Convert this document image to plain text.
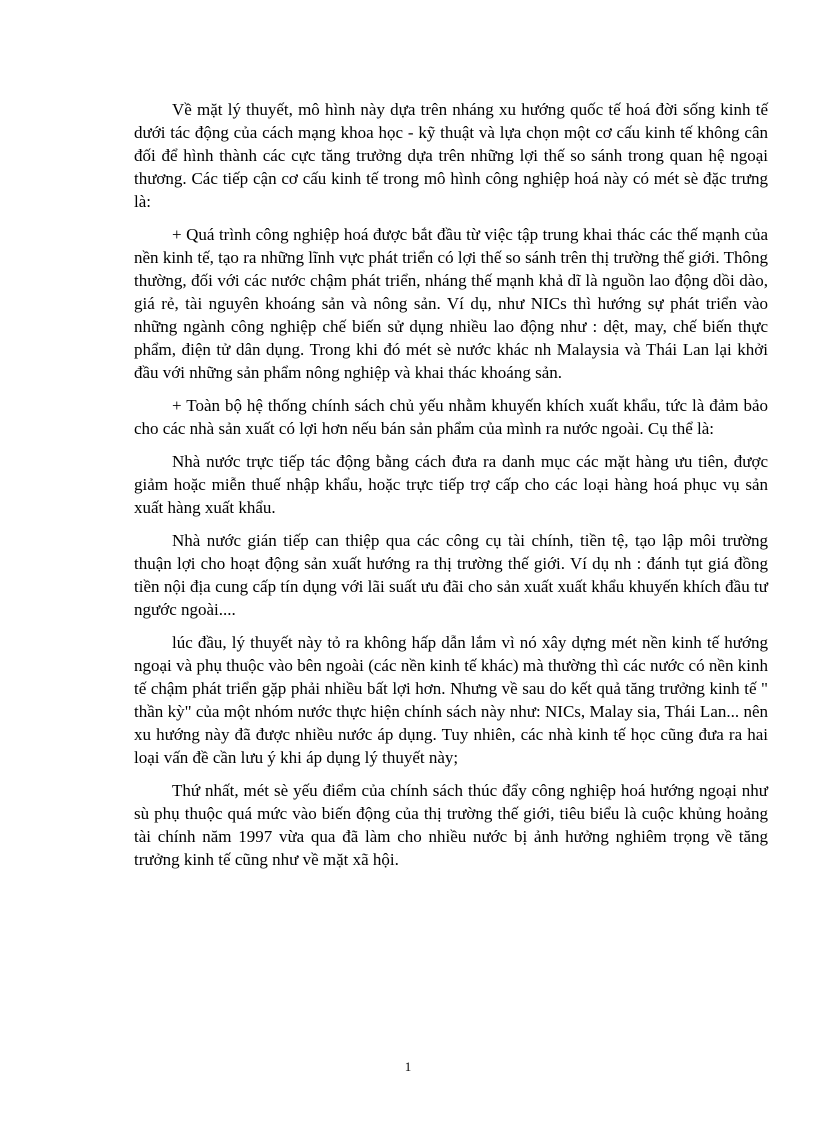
Về mặt lý thuyết, mô hình này dựa trên nháng xu hướng quốc tế hoá đời sống kinh tế dưới tác động của cách mạng khoa học - kỹ thuật và lựa chọn một cơ cấu kinh tế không cân đối để hình thành các cực tăng trưởng dựa trên những lợi thế so sánh trong quan hệ ngoại thương. Các tiếp cận cơ cấu kinh tế trong mô hình công nghiệp hoá này có mét sè đặc trưng là:

+ Quá trình công nghiệp hoá được bắt đầu từ việc tập trung khai thác các thế mạnh của nền kinh tế, tạo ra những lĩnh vực phát triển có lợi thế so sánh trên thị trường thế giới. Thông thường, đối với các nước chậm phát triển, nháng thế mạnh khả dĩ là nguồn lao động dồi dào, giá rẻ, tài nguyên khoáng sản và nông sản. Ví dụ, như NICs thì hướng sự phát triển vào những ngành công nghiệp chế biến sử dụng nhiều lao động như : dệt, may, chế biến thực phẩm, điện tử dân dụng. Trong khi đó mét sè nước khác nh Malaysia và Thái Lan lại khởi đầu với những sản phẩm nông nghiệp và khai thác khoáng sản.

+ Toàn bộ hệ thống chính sách chủ yếu nhằm khuyến khích xuất khẩu, tức là đảm bảo cho các nhà sản xuất có lợi hơn nếu bán sản phẩm của mình ra nước ngoài. Cụ thể là:

Nhà nước trực tiếp tác động bằng cách đưa ra danh mục các mặt hàng ưu tiên, được giảm hoặc miễn thuế nhập khẩu, hoặc trực tiếp trợ cấp cho các loại hàng hoá phục vụ sản xuất hàng xuất khẩu.

Nhà nước gián tiếp can thiệp qua các công cụ tài chính, tiền tệ, tạo lập môi trường thuận lợi cho hoạt động sản xuất hướng ra thị trường thế giới. Ví dụ nh : đánh tụt giá đồng tiền nội địa cung cấp tín dụng với lãi suất ưu đãi cho sản xuất xuất khẩu khuyến khích đầu tư ngước ngoài....

lúc đầu, lý thuyết này tỏ ra không hấp dẫn lắm vì nó xây dựng mét nền kinh tế hướng ngoại và phụ thuộc vào bên ngoài (các nền kinh tế khác) mà thường thì các nước có nền kinh tế chậm phát triển gặp phải nhiều bất lợi hơn. Nhưng về sau do kết quả tăng trưởng kinh tế " thần kỳ" của một nhóm nước thực hiện chính sách này như: NICs, Malay sia, Thái Lan... nên xu hướng này đã được nhiều nước áp dụng. Tuy nhiên, các nhà kinh tế học cũng đưa ra hai loại vấn đề cần lưu ý khi áp dụng lý thuyết này;

Thứ nhất, mét sè yếu điểm của chính sách thúc đẩy công nghiệp hoá hướng ngoại như sù phụ thuộc quá mức vào biến động của thị trường thế giới, tiêu biểu là cuộc khủng hoảng tài chính năm 1997 vừa qua đã làm cho nhiều nước bị ảnh hưởng nghiêm trọng về tăng trưởng kinh tế cũng như về mặt xã hội.

1
